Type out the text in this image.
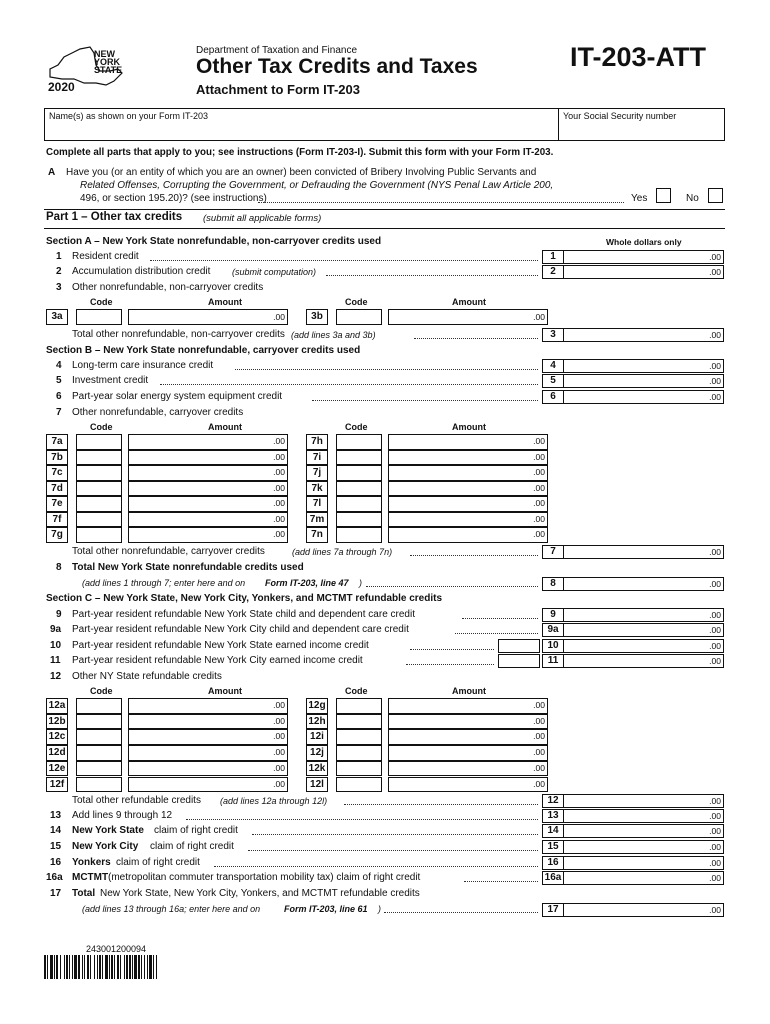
NEW
YORK
STATE
2020
Department of Taxation and Finance
Other Tax Credits and Taxes
Attachment to Form IT-203
IT-203-ATT
Name(s) as shown on your Form IT-203	Your Social Security number
Complete all parts that apply to you; see instructions (Form IT-203-I). Submit this form with your Form IT-203.
A Have you (or an entity of which you are an owner) been convicted of Bribery Involving Public Servants and
Related Offenses, Corrupting the Government, or Defrauding the Government (NYS Penal Law Article 200,
496, or section 195.20)? (see instructions)	Yes	No
Part 1 – Other tax credits (submit all applicable forms)
Section A – New York State nonrefundable, non-carryover credits used	Whole dollars only
1 Resident credit	1	.00
2 Accumulation distribution credit (submit computation)	2	.00
3 Other nonrefundable, non-carryover credits
Code	Amount	Code	Amount
3a	.00	3b	.00
Total other nonrefundable, non-carryover credits (add lines 3a and 3b)	3	.00
Section B – New York State nonrefundable, carryover credits used
4 Long-term care insurance credit	4	.00
5 Investment credit	5	.00
6 Part-year solar energy system equipment credit	6	.00
7 Other nonrefundable, carryover credits
Code	Amount	Code	Amount
7a	.00	7h	.00
7b	.00	7i	.00
7c	.00	7j	.00
7d	.00	7k	.00
7e	.00	7l	.00
7f	.00	7m	.00
7g	.00	7n	.00
Total other nonrefundable, carryover credits	(add lines 7a through 7n)	7	.00
8 Total New York State nonrefundable credits used
(add lines 1 through 7; enter here and on Form IT-203, line 47 )	8	.00
Section C – New York State, New York City, Yonkers, and MCTMT refundable credits
9 Part-year resident refundable New York State child and dependent care credit	9	.00
9a Part-year resident refundable New York City child and dependent care credit	9a	.00
10 Part-year resident refundable New York State earned income credit	10	.00
11 Part-year resident refundable New York City earned income credit	11	.00
12 Other NY State refundable credits
Code	Amount	Code	Amount
12a	.00	12g	.00
12b	.00	12h	.00
12c	.00	12i	.00
12d	.00	12j	.00
12e	.00	12k	.00
12f	.00	12l	.00
Total other refundable credits (add lines 12a through 12l)	12	.00
13 Add lines 9 through 12	13	.00
14 New York State claim of right credit	14	.00
15 New York City claim of right credit	15	.00
16 Yonkers claim of right credit	16	.00
16a MCTMT (metropolitan commuter transportation mobility tax) claim of right credit	16a	.00
17 Total New York State, New York City, Yonkers, and MCTMT refundable credits
(add lines 13 through 16a; enter here and on	Form IT-203, line 61 )	17	.00
243001200094
